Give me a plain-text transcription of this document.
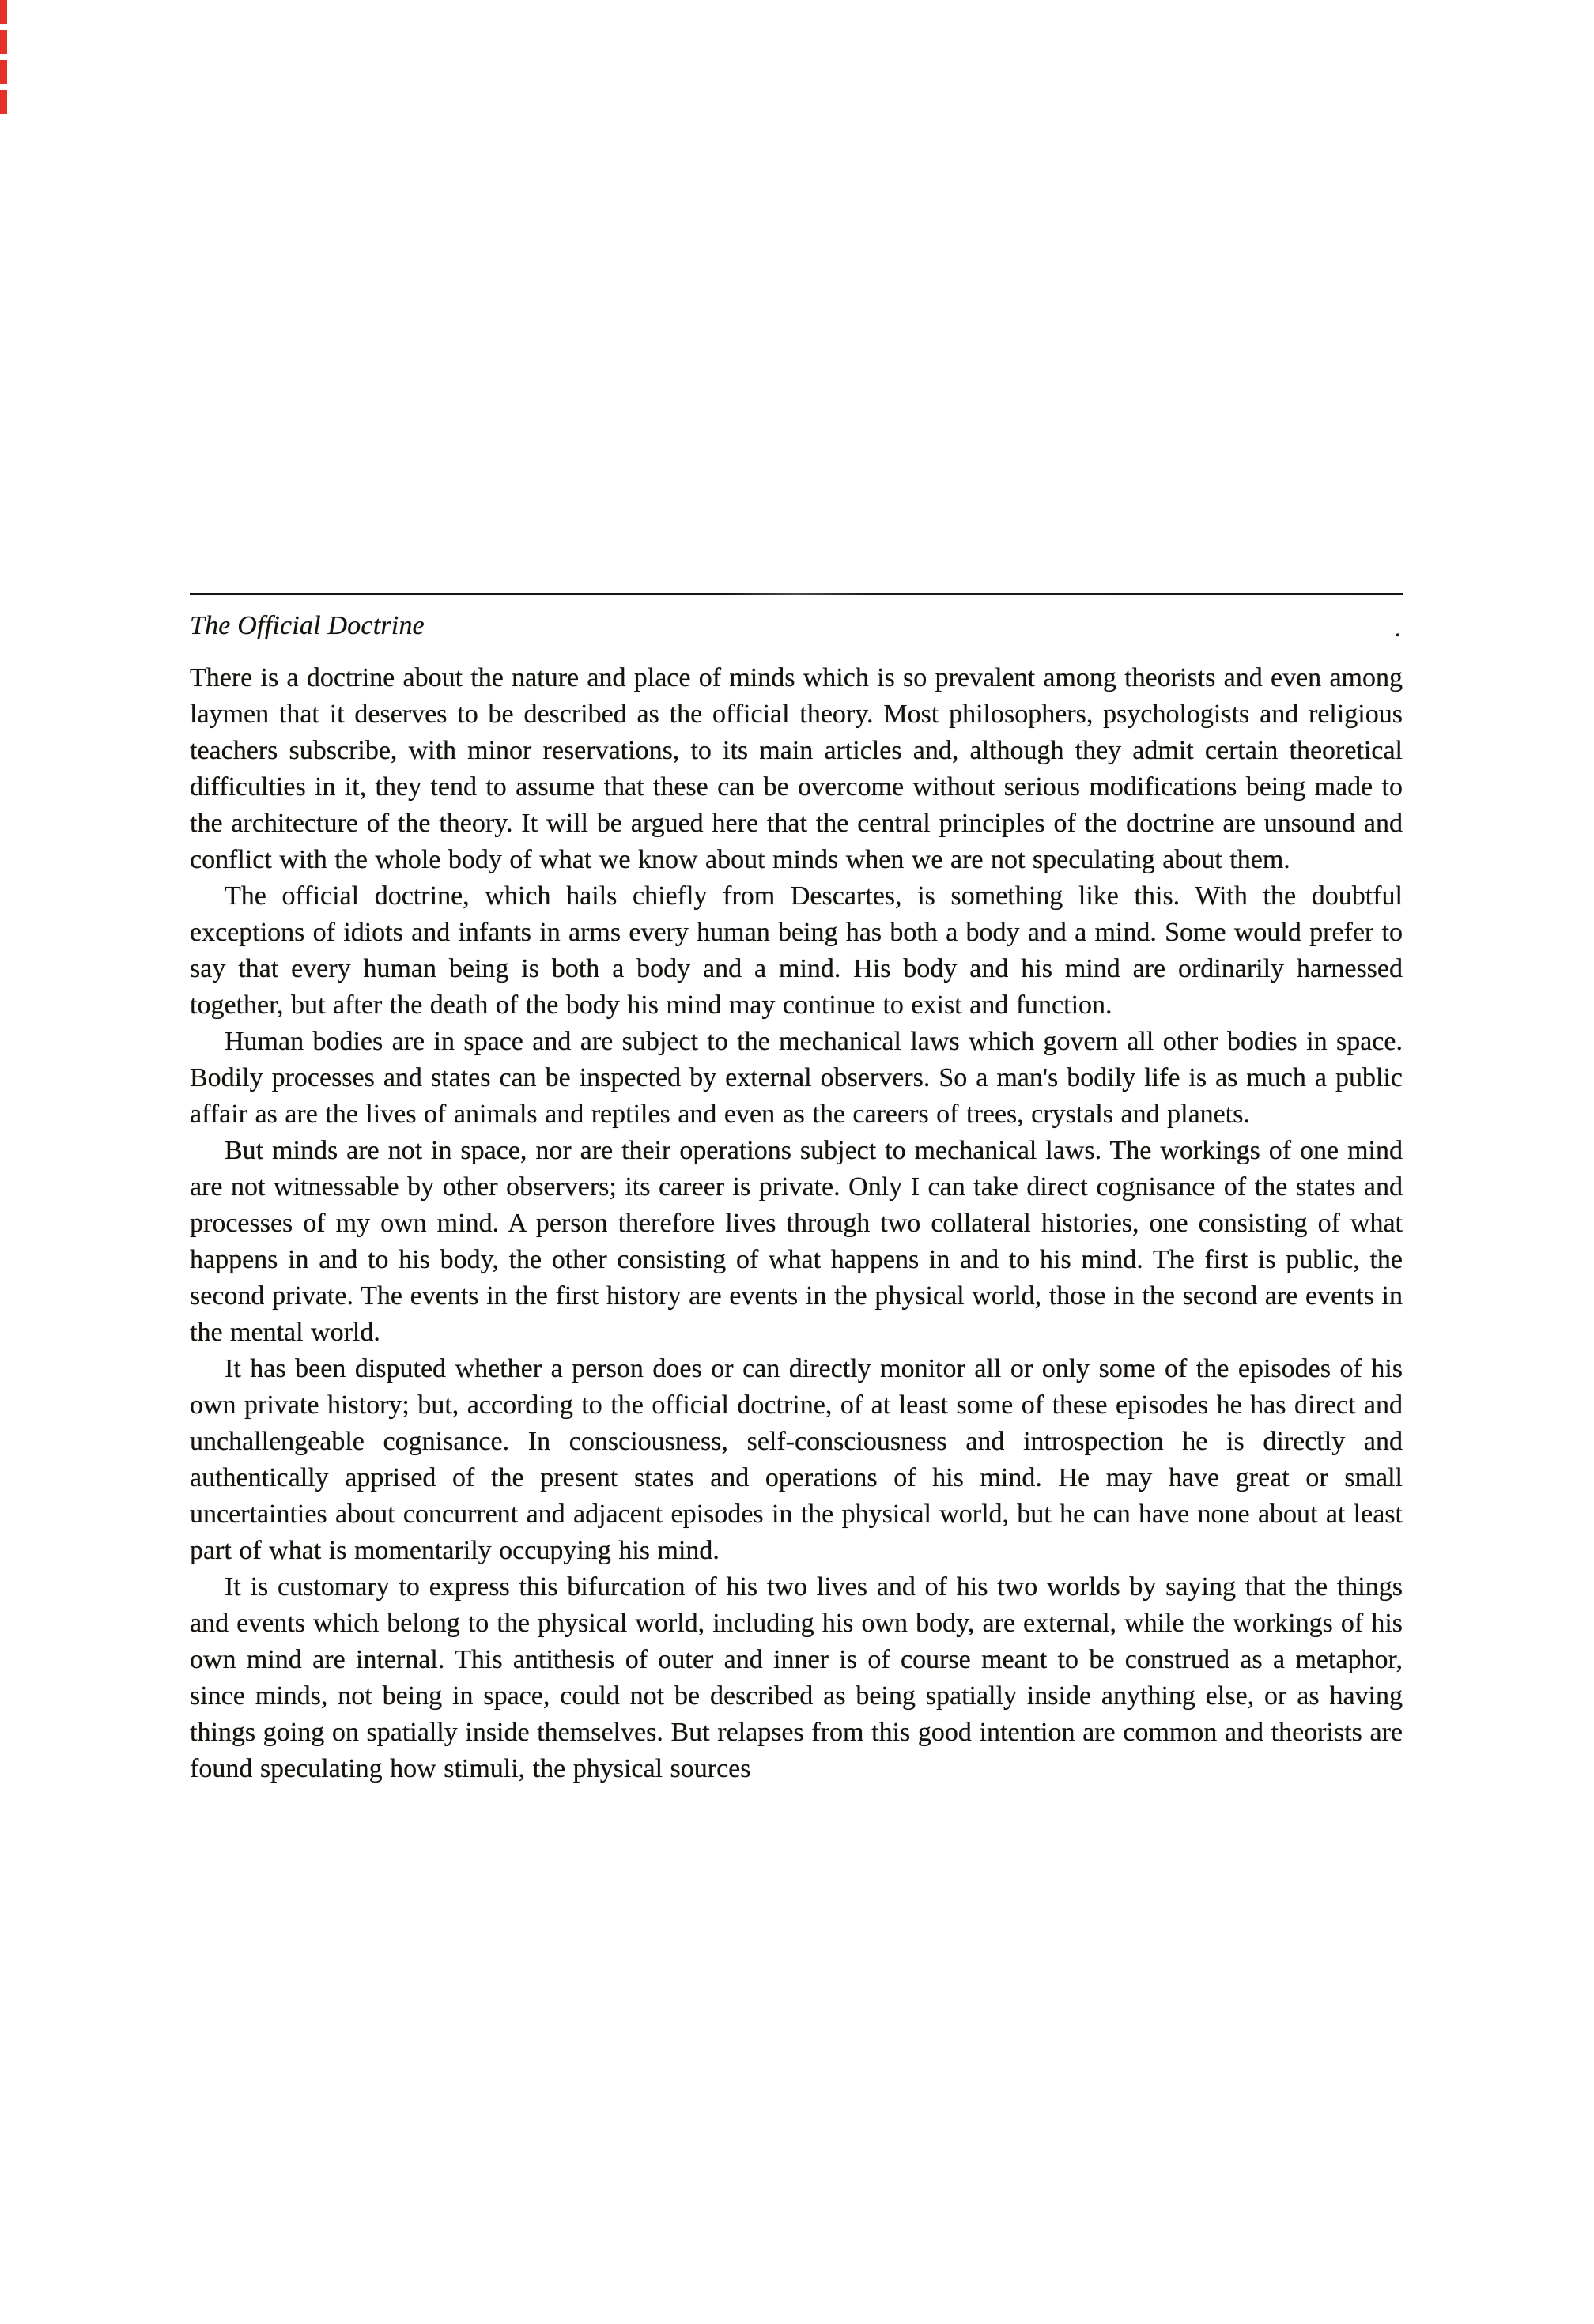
.
The Official Doctrine

There is a doctrine about the nature and place of minds which is so prevalent among theorists and even among laymen that it deserves to be described as the official theory. Most philosophers, psychologists and religious teachers subscribe, with minor reservations, to its main articles and, although they admit certain theoretical difficulties in it, they tend to assume that these can be overcome without serious modifications being made to the architecture of the theory. It will be argued here that the central principles of the doctrine are unsound and conflict with the whole body of what we know about minds when we are not speculating about them.

The official doctrine, which hails chiefly from Descartes, is something like this. With the doubtful exceptions of idiots and infants in arms every human being has both a body and a mind. Some would prefer to say that every human being is both a body and a mind. His body and his mind are ordinarily harnessed together, but after the death of the body his mind may continue to exist and function.

Human bodies are in space and are subject to the mechanical laws which govern all other bodies in space. Bodily processes and states can be inspected by external observers. So a man's bodily life is as much a public affair as are the lives of animals and reptiles and even as the careers of trees, crystals and planets.

But minds are not in space, nor are their operations subject to mechanical laws. The workings of one mind are not witnessable by other observers; its career is private. Only I can take direct cognisance of the states and processes of my own mind. A person therefore lives through two collateral histories, one consisting of what happens in and to his body, the other consisting of what happens in and to his mind. The first is public, the second private. The events in the first history are events in the physical world, those in the second are events in the mental world.

It has been disputed whether a person does or can directly monitor all or only some of the episodes of his own private history; but, according to the official doctrine, of at least some of these episodes he has direct and unchallengeable cognisance. In consciousness, self-consciousness and introspection he is directly and authentically apprised of the present states and operations of his mind. He may have great or small uncertainties about concurrent and adjacent episodes in the physical world, but he can have none about at least part of what is momentarily occupying his mind.

It is customary to express this bifurcation of his two lives and of his two worlds by saying that the things and events which belong to the physical world, including his own body, are external, while the workings of his own mind are internal. This antithesis of outer and inner is of course meant to be construed as a metaphor, since minds, not being in space, could not be described as being spatially inside anything else, or as having things going on spatially inside themselves. But relapses from this good intention are common and theorists are found speculating how stimuli, the physical sources
